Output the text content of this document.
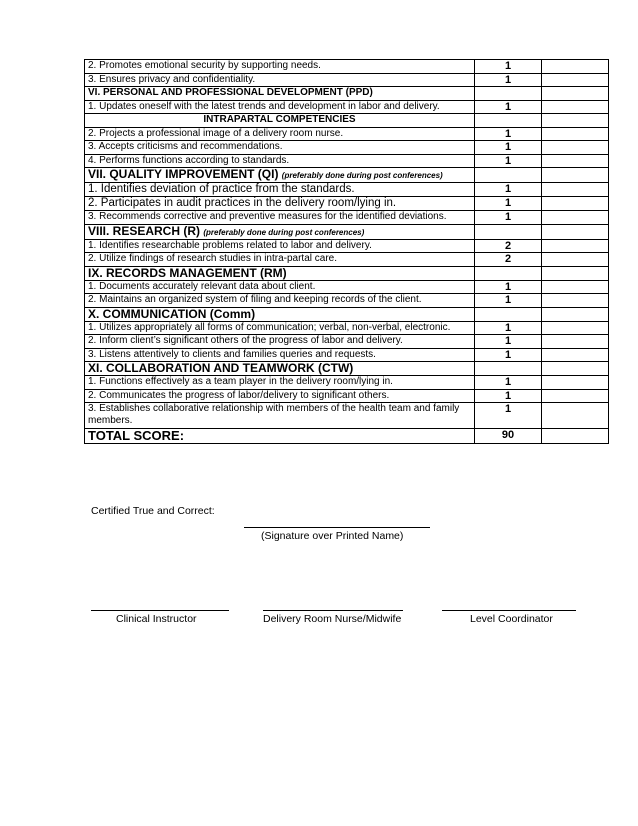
2. Promotes emotional security by supporting needs.	1	
3. Ensures privacy and confidentiality.	1	
VI. PERSONAL AND PROFESSIONAL DEVELOPMENT (PPD)		
1. Updates oneself with the latest trends and development in labor and delivery.	1	
INTRAPARTAL COMPETENCIES		
2. Projects a professional image of a delivery room nurse.	1	
3. Accepts criticisms and recommendations.	1	
4. Performs functions according to standards.	1	
VII. QUALITY IMPROVEMENT (QI) (preferably done during post conferences)		
1. Identifies deviation of practice from the standards.	1	
2. Participates in audit practices in the delivery room/lying in.	1	
3. Recommends corrective and preventive measures for the identified deviations.	1	
VIII. RESEARCH (R) (preferably done during post conferences)		
1. Identifies researchable problems related to labor and delivery.	2	
2. Utilize findings of research studies in intra-partal care.	2	
IX. RECORDS MANAGEMENT (RM)		
1. Documents accurately relevant data about client.	1	
2. Maintains an organized system of filing and keeping records of the client.	1	
X. COMMUNICATION (Comm)		
1. Utilizes appropriately all forms of communication; verbal, non-verbal, electronic.	1	
2. Inform client’s significant others of the progress of labor and delivery.	1	
3. Listens attentively to clients and families queries and requests.	1	
XI. COLLABORATION AND TEAMWORK (CTW)		
1. Functions effectively as a team player in the delivery room/lying in.	1	
2. Communicates the progress of labor/delivery to significant others.	1	
3. Establishes collaborative relationship with members of the health team and family members.	1	
TOTAL SCORE:	90	
Certified True and Correct:
(Signature over Printed Name)
Clinical Instructor	Delivery Room Nurse/Midwife	Level Coordinator
